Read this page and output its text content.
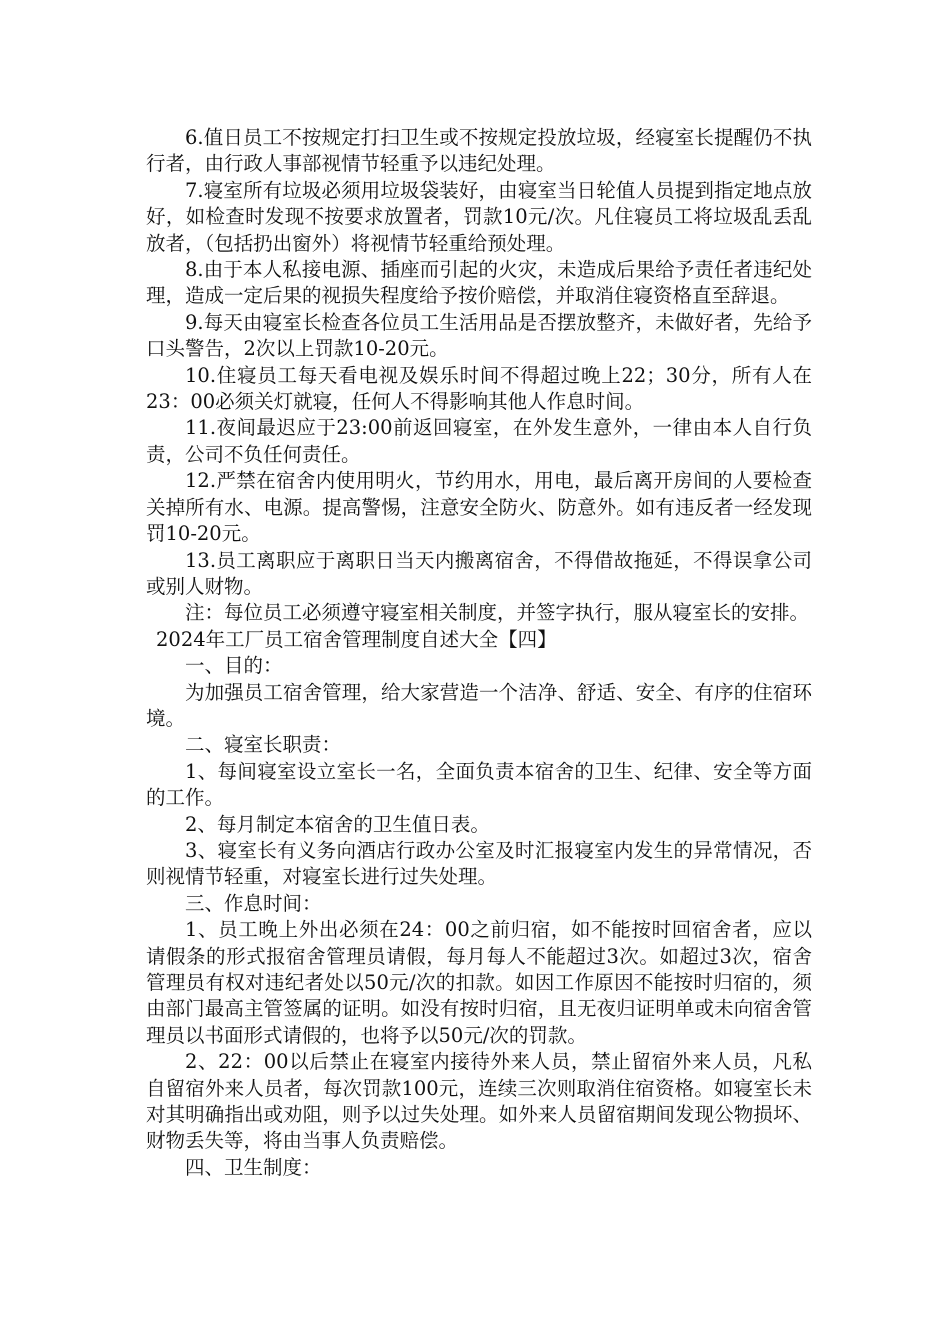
6.值日员工不按规定打扫卫生或不按规定投放垃圾，经寝室长提醒仍不执行者，由行政人事部视情节轻重予以违纪处理。

7.寝室所有垃圾必须用垃圾袋装好，由寝室当日轮值人员提到指定地点放好，如检查时发现不按要求放置者，罚款10元/次。凡住寝员工将垃圾乱丢乱放者，（包括扔出窗外）将视情节轻重给预处理。

8.由于本人私接电源、插座而引起的火灾，未造成后果给予责任者违纪处理，造成一定后果的视损失程度给予按价赔偿，并取消住寝资格直至辞退。

9.每天由寝室长检查各位员工生活用品是否摆放整齐，未做好者，先给予口头警告，2次以上罚款10-20元。

10.住寝员工每天看电视及娱乐时间不得超过晚上22；30分，所有人在23：00必须关灯就寝，任何人不得影响其他人作息时间。

11.夜间最迟应于23:00前返回寝室，在外发生意外，一律由本人自行负责，公司不负任何责任。

12.严禁在宿舍内使用明火，节约用水，用电，最后离开房间的人要检查关掉所有水、电源。提高警惕，注意安全防火、防意外。如有违反者一经发现罚10-20元。

13.员工离职应于离职日当天内搬离宿舍，不得借故拖延，不得误拿公司或别人财物。

注：每位员工必须遵守寝室相关制度，并签字执行，服从寝室长的安排。

2024年工厂员工宿舍管理制度自述大全【四】

一、目的：

为加强员工宿舍管理，给大家营造一个洁净、舒适、安全、有序的住宿环境。

二、寝室长职责：

1、每间寝室设立室长一名，全面负责本宿舍的卫生、纪律、安全等方面的工作。

2、每月制定本宿舍的卫生值日表。

3、寝室长有义务向酒店行政办公室及时汇报寝室内发生的异常情况，否则视情节轻重，对寝室长进行过失处理。

三、作息时间：

1、员工晚上外出必须在24：00之前归宿，如不能按时回宿舍者，应以请假条的形式报宿舍管理员请假，每月每人不能超过3次。如超过3次，宿舍管理员有权对违纪者处以50元/次的扣款。如因工作原因不能按时归宿的，须由部门最高主管签属的证明。如没有按时归宿，且无夜归证明单或未向宿舍管理员以书面形式请假的，也将予以50元/次的罚款。

2、22：00以后禁止在寝室内接待外来人员，禁止留宿外来人员，凡私自留宿外来人员者，每次罚款100元，连续三次则取消住宿资格。如寝室长未对其明确指出或劝阻，则予以过失处理。如外来人员留宿期间发现公物损坏、财物丢失等，将由当事人负责赔偿。

四、卫生制度：
